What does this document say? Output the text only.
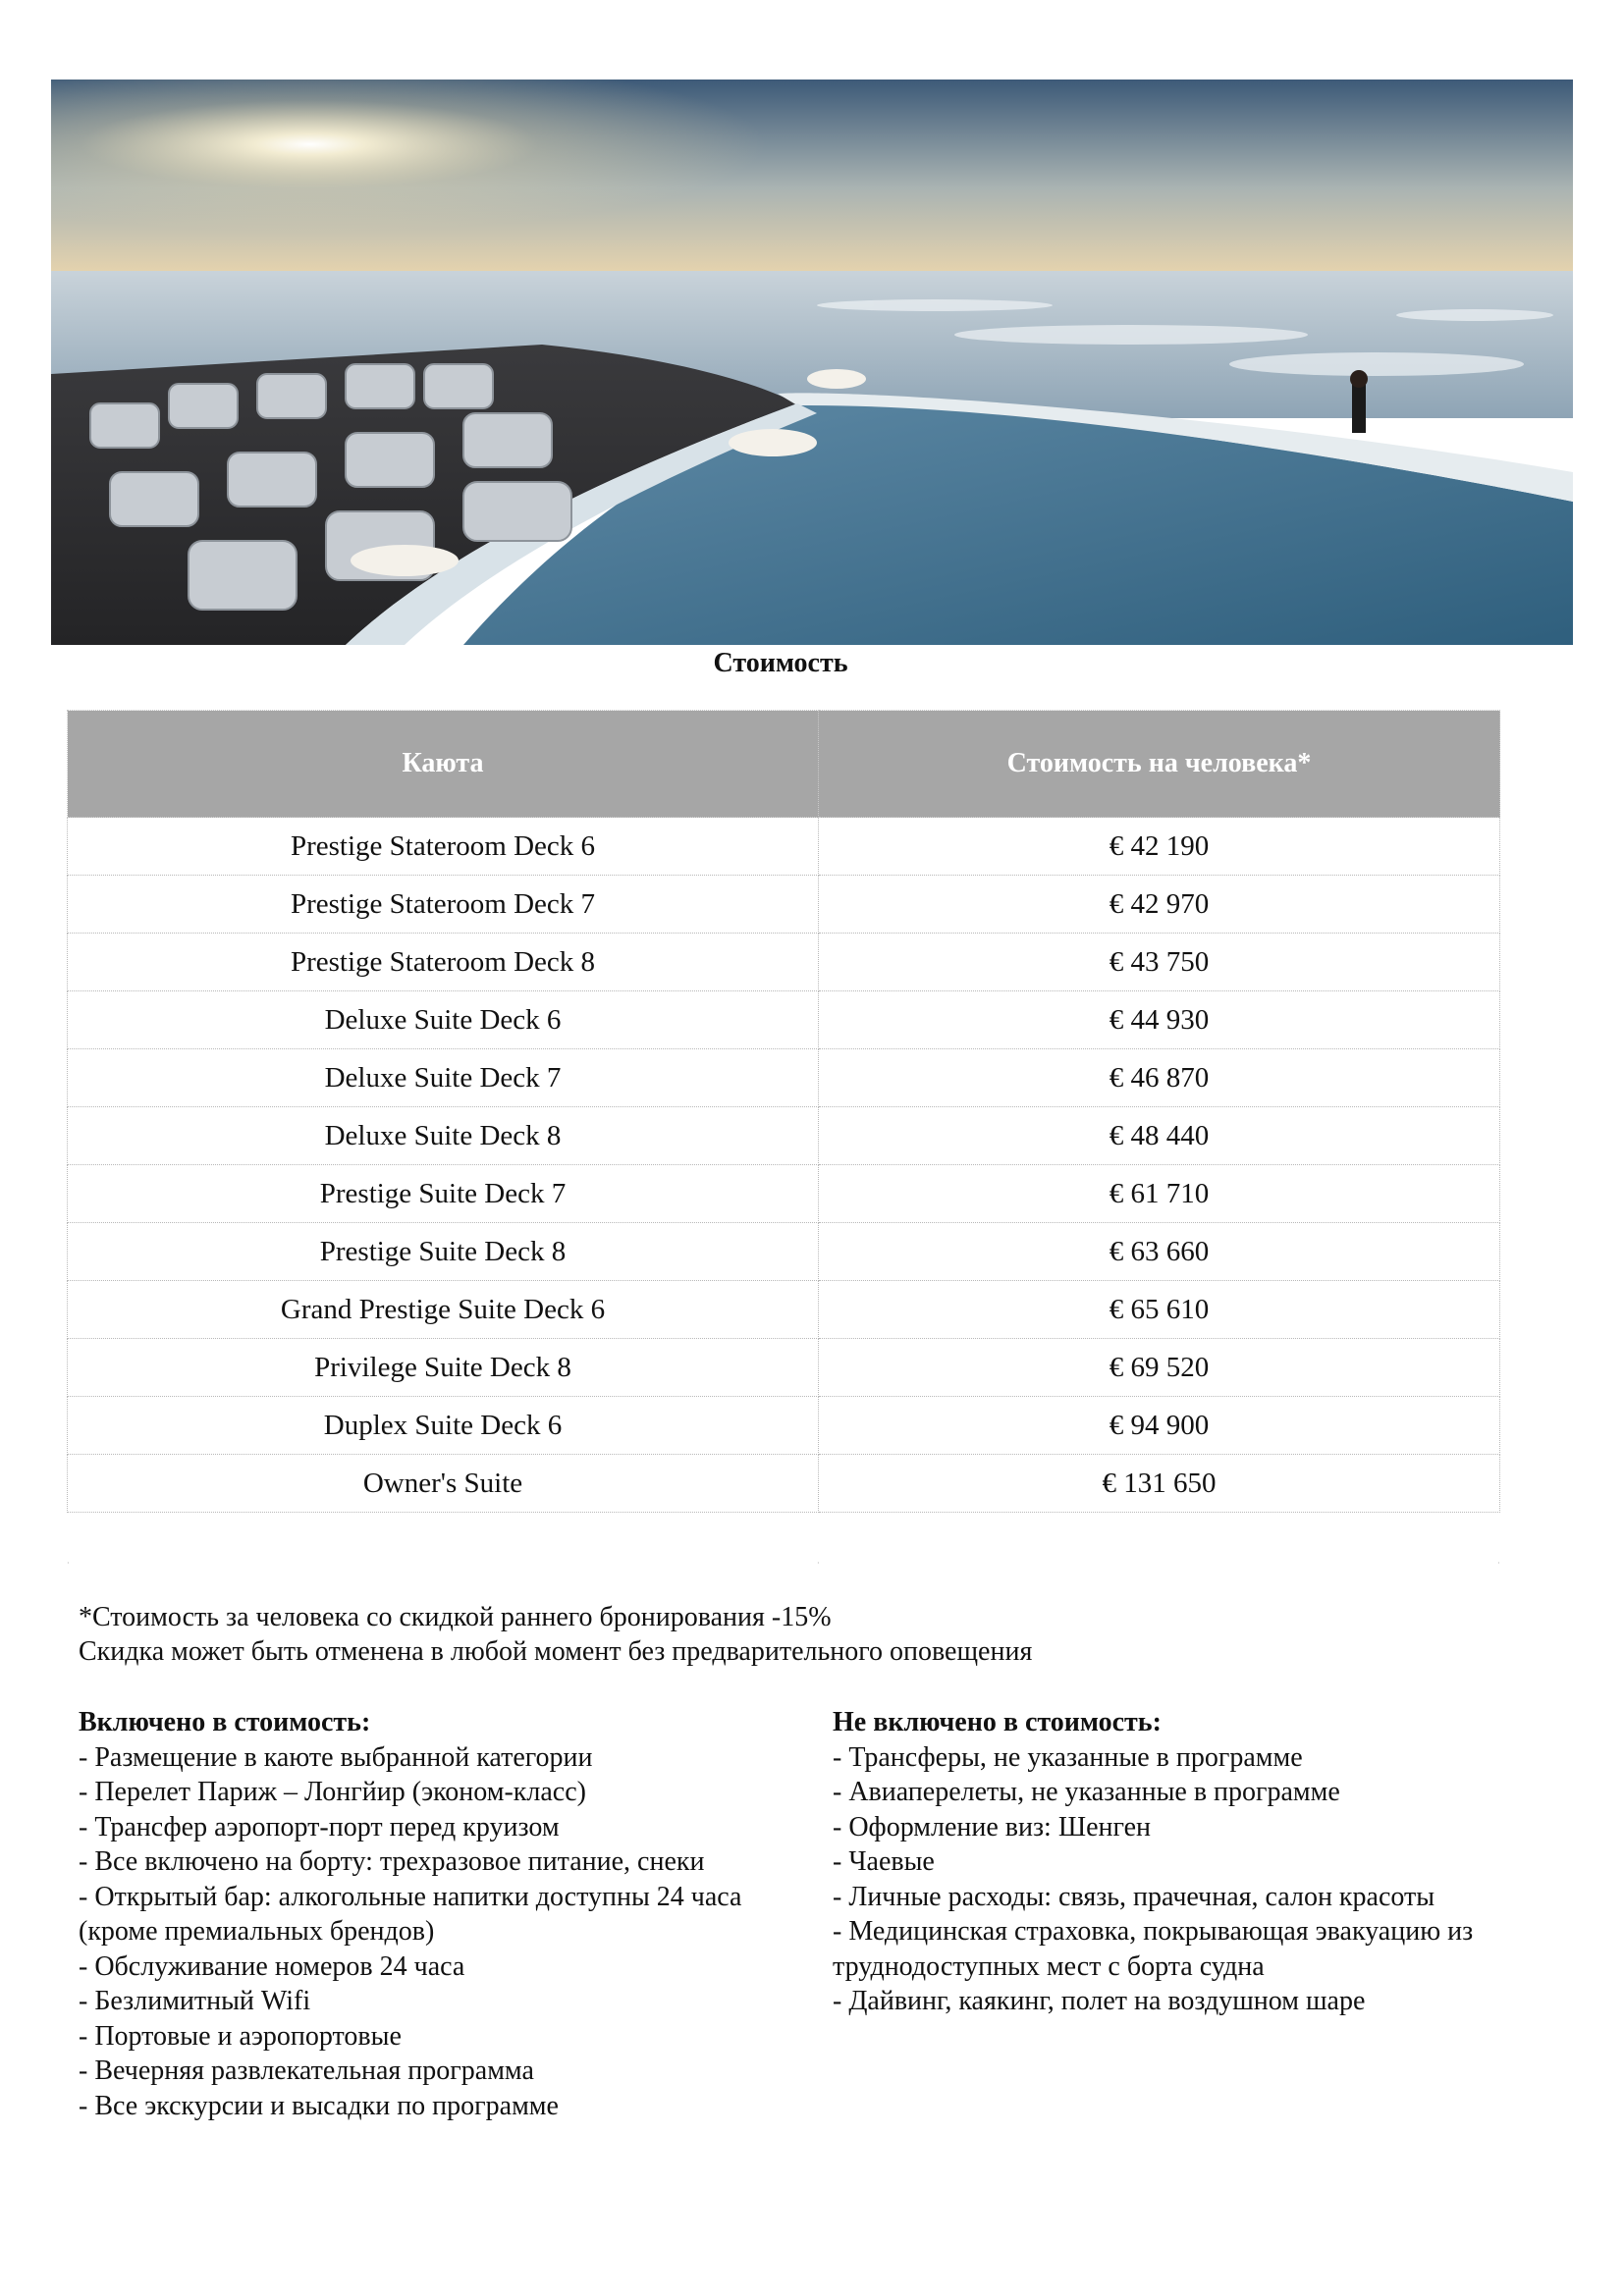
Стоимость
Каюта	Стоимость на человека*
Prestige Stateroom Deck 6	€ 42 190
Prestige Stateroom Deck 7	€ 42 970
Prestige Stateroom Deck 8	€ 43 750
Deluxe Suite Deck 6	€ 44 930
Deluxe Suite Deck 7	€ 46 870
Deluxe Suite Deck 8	€ 48 440
Prestige Suite Deck 7	€ 61 710
Prestige Suite Deck 8	€ 63 660
Grand Prestige Suite Deck 6	€ 65 610
Privilege Suite Deck 8	€ 69 520
Duplex Suite Deck 6	€ 94 900
Owner's Suite	€ 131 650
·	·	·
*Стоимость за человека со скидкой раннего бронирования -15%
Скидка может быть отменена в любой момент без предварительного оповещения
Включено в стоимость:
- Размещение в каюте выбранной категории
- Перелет Париж – Лонгйир (эконом-класс)
- Трансфер аэропорт-порт перед круизом
- Все включено на борту: трехразовое питание, снеки
- Открытый бар: алкогольные напитки доступны 24 часа (кроме премиальных брендов)
- Обслуживание номеров 24 часа
- Безлимитный Wifi
- Портовые и аэропортовые
- Вечерняя развлекательная программа
- Все экскурсии и высадки по программе
Не включено в стоимость:
- Трансферы, не указанные в программе
- Авиаперелеты, не указанные в программе
- Оформление виз: Шенген
- Чаевые
- Личные расходы: связь, прачечная, салон красоты
- Медицинская страховка, покрывающая эвакуацию из труднодоступных мест с борта судна
- Дайвинг, каякинг, полет на воздушном шаре
